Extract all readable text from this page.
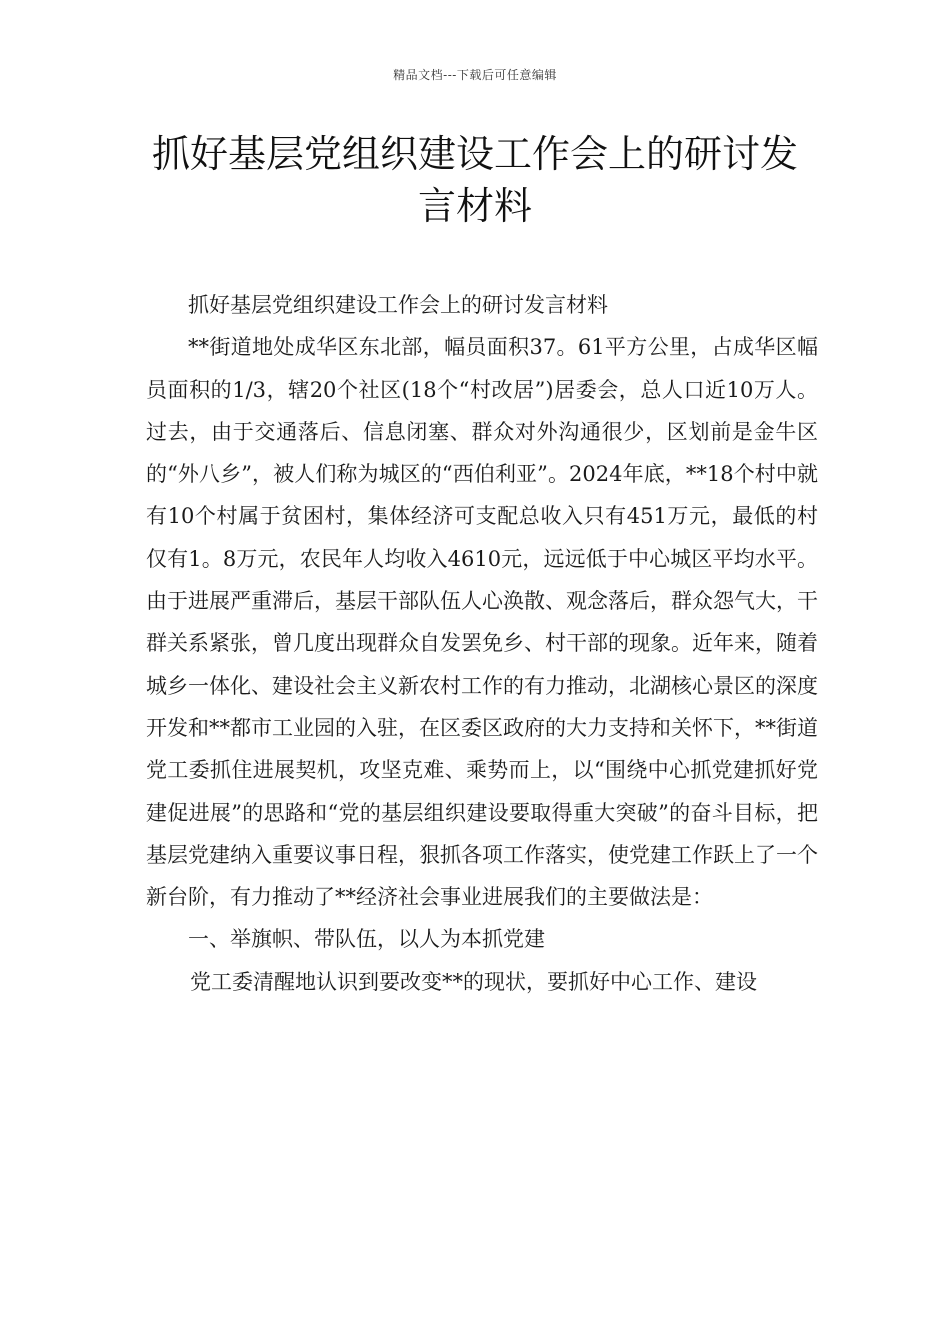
精品文档---下载后可任意编辑
抓好基层党组织建设工作会上的研讨发言材料

抓好基层党组织建设工作会上的研讨发言材料

**街道地处成华区东北部，幅员面积37。61平方公里，占成华区幅员面积的1/3，辖20个社区(18个“村改居”)居委会，总人口近10万人。过去，由于交通落后、信息闭塞、群众对外沟通很少，区划前是金牛区的“外八乡”，被人们称为城区的“西伯利亚”。2024年底，**18个村中就有10个村属于贫困村，集体经济可支配总收入只有451万元，最低的村仅有1。8万元，农民年人均收入4610元，远远低于中心城区平均水平。由于进展严重滞后，基层干部队伍人心涣散、观念落后，群众怨气大，干群关系紧张，曾几度出现群众自发罢免乡、村干部的现象。近年来，随着城乡一体化、建设社会主义新农村工作的有力推动，北湖核心景区的深度开发和**都市工业园的入驻，在区委区政府的大力支持和关怀下，**街道党工委抓住进展契机，攻坚克难、乘势而上，以“围绕中心抓党建抓好党建促进展”的思路和“党的基层组织建设要取得重大突破”的奋斗目标，把基层党建纳入重要议事日程，狠抓各项工作落实，使党建工作跃上了一个新台阶，有力推动了**经济社会事业进展我们的主要做法是：

一、举旗帜、带队伍，以人为本抓党建

党工委清醒地认识到要改变**的现状，要抓好中心工作、建设
